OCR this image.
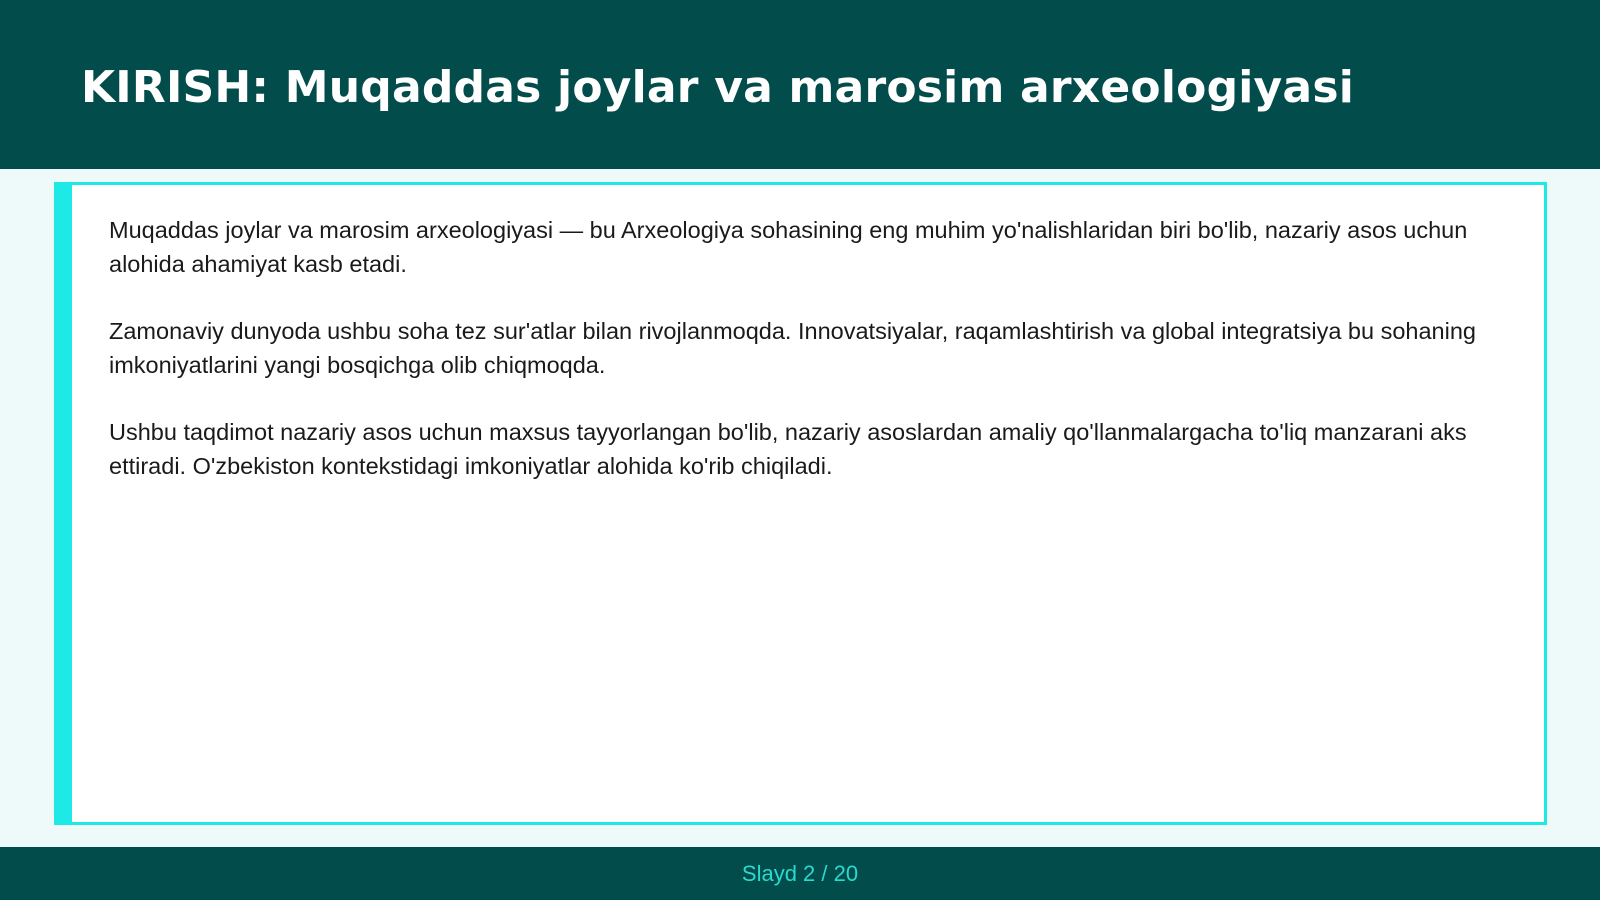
KIRISH: Muqaddas joylar va marosim arxeologiyasi

Muqaddas joylar va marosim arxeologiyasi — bu Arxeologiya sohasining eng muhim yo'nalishlaridan biri bo'lib, nazariy asos uchun alohida ahamiyat kasb etadi.

Zamonaviy dunyoda ushbu soha tez sur'atlar bilan rivojlanmoqda. Innovatsiyalar, raqamlashtirish va global integratsiya bu sohaning imkoniyatlarini yangi bosqichga olib chiqmoqda.

Ushbu taqdimot nazariy asos uchun maxsus tayyorlangan bo'lib, nazariy asoslardan amaliy qo'llanmalargacha to'liq manzarani aks ettiradi. O'zbekiston kontekstidagi imkoniyatlar alohida ko'rib chiqiladi.

Slayd 2 / 20
